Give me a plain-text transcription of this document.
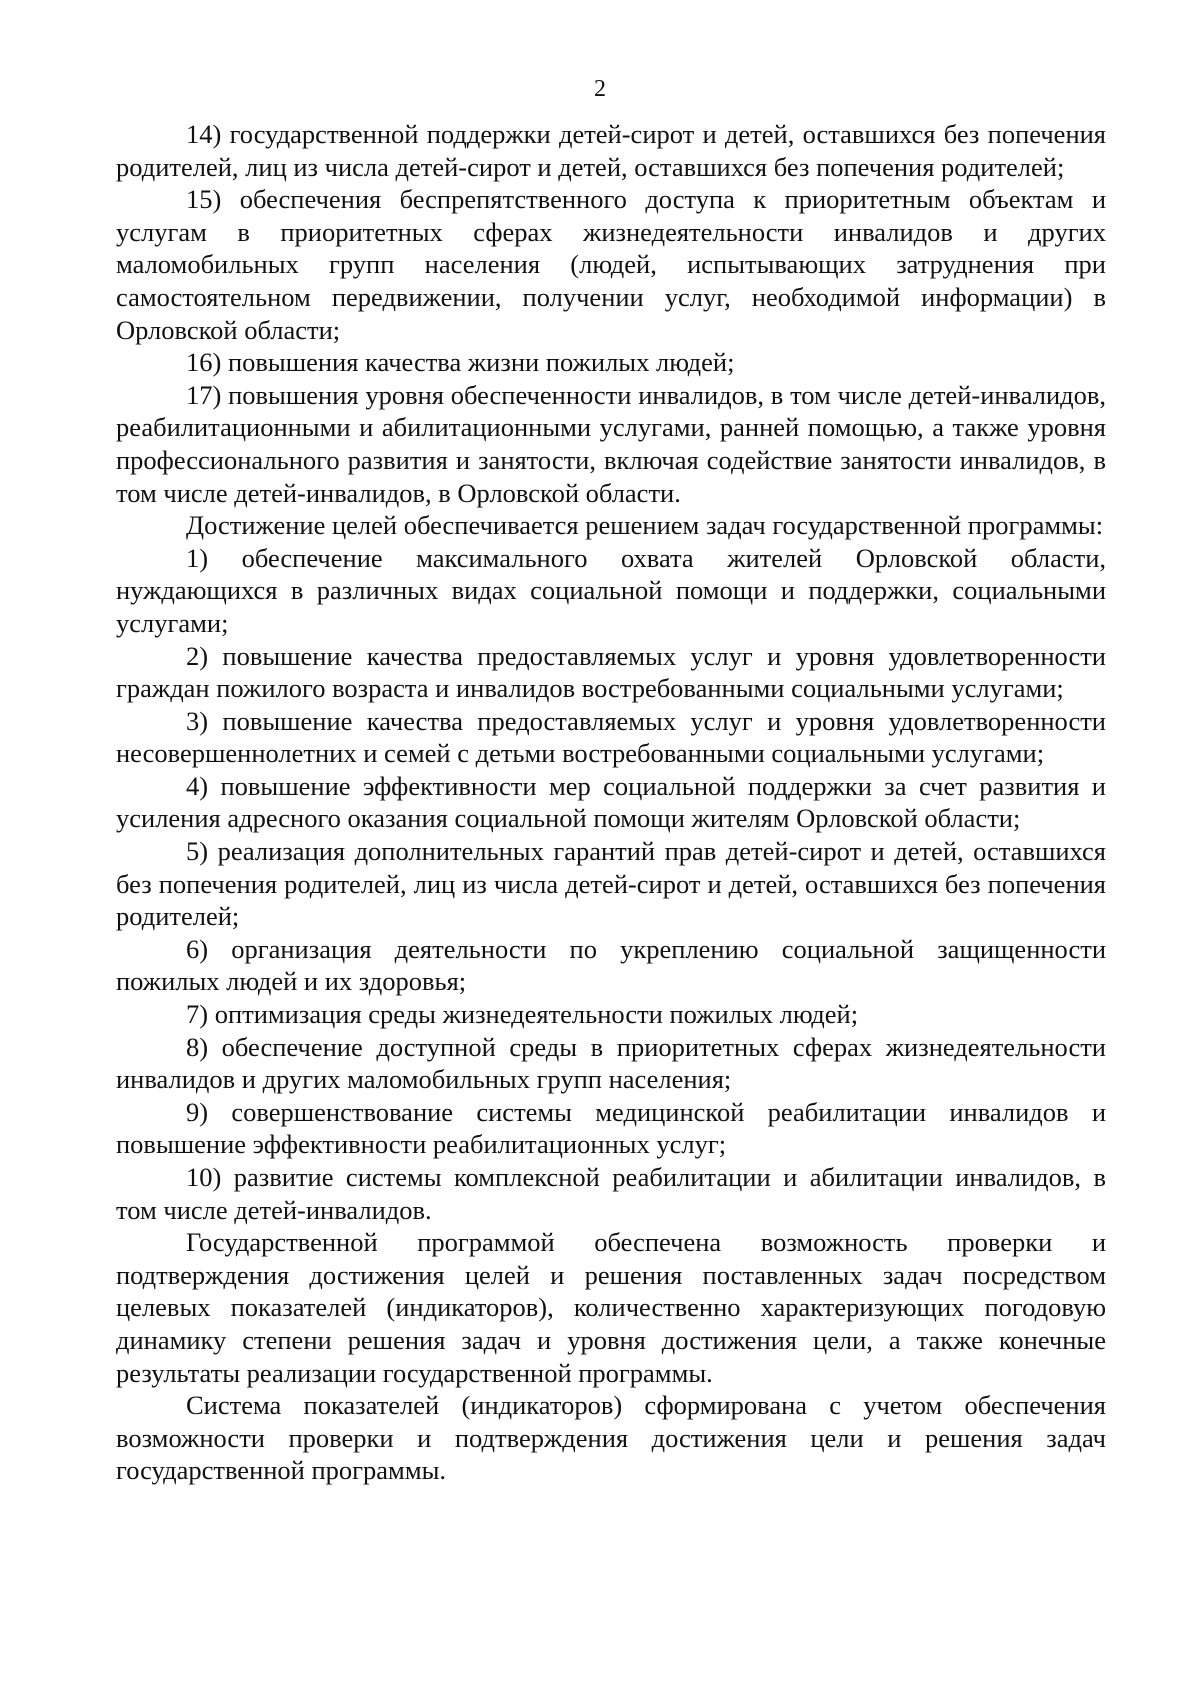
2

14) государственной поддержки детей-сирот и детей, оставшихся без попечения родителей, лиц из числа детей-сирот и детей, оставшихся без попечения родителей;

15) обеспечения беспрепятственного доступа к приоритетным объектам и услугам в приоритетных сферах жизнедеятельности инвалидов и других маломобильных групп населения (людей, испытывающих затруднения при самостоятельном передвижении, получении услуг, необходимой информации) в Орловской области;

16) повышения качества жизни пожилых людей;

17) повышения уровня обеспеченности инвалидов, в том числе детей-инвалидов, реабилитационными и абилитационными услугами, ранней помощью, а также уровня профессионального развития и занятости, включая содействие занятости инвалидов, в том числе детей-инвалидов, в Орловской области.

Достижение целей обеспечивается решением задач государственной программы:

1) обеспечение максимального охвата жителей Орловской области, нуждающихся в различных видах социальной помощи и поддержки, социальными услугами;

2) повышение качества предоставляемых услуг и уровня удовлетворенности граждан пожилого возраста и инвалидов востребованными социальными услугами;

3) повышение качества предоставляемых услуг и уровня удовлетворенности несовершеннолетних и семей с детьми востребованными социальными услугами;

4) повышение эффективности мер социальной поддержки за счет развития и усиления адресного оказания социальной помощи жителям Орловской области;

5) реализация дополнительных гарантий прав детей-сирот и детей, оставшихся без попечения родителей, лиц из числа детей-сирот и детей, оставшихся без попечения родителей;

6) организация деятельности по укреплению социальной защищенности пожилых людей и их здоровья;

7) оптимизация среды жизнедеятельности пожилых людей;

8) обеспечение доступной среды в приоритетных сферах жизнедеятельности инвалидов и других маломобильных групп населения;

9) совершенствование системы медицинской реабилитации инвалидов и повышение эффективности реабилитационных услуг;

10) развитие системы комплексной реабилитации и абилитации инвалидов, в том числе детей-инвалидов.

Государственной программой обеспечена возможность проверки и подтверждения достижения целей и решения поставленных задач посредством целевых показателей (индикаторов), количественно характеризующих погодовую динамику степени решения задач и уровня достижения цели, а также конечные результаты реализации государственной программы.

Система показателей (индикаторов) сформирована с учетом обеспечения возможности проверки и подтверждения достижения цели и решения задач государственной программы.
